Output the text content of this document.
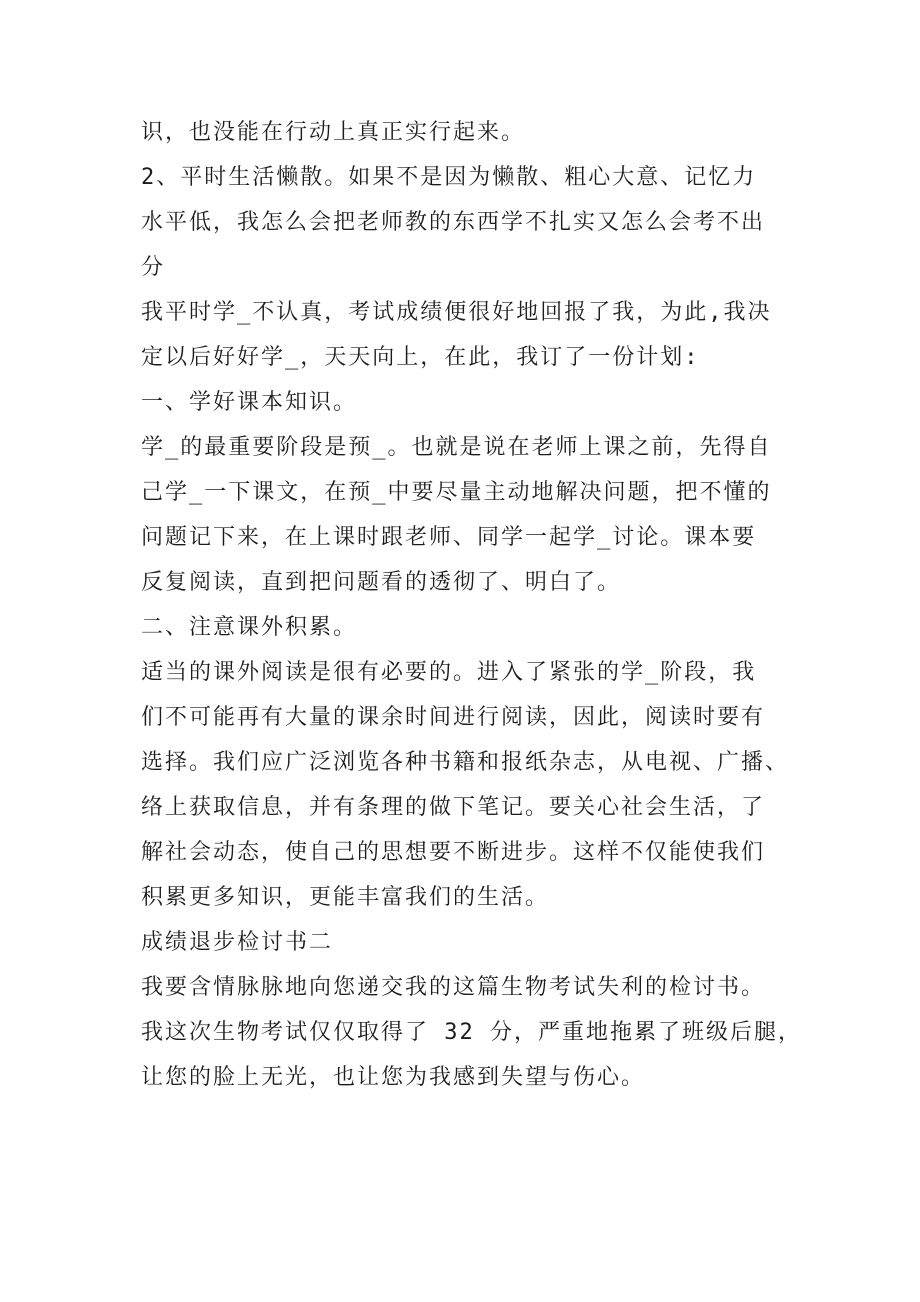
识，也没能在行动上真正实行起来。
2、平时生活懒散。如果不是因为懒散、粗心大意、记忆力
水平低，我怎么会把老师教的东西学不扎实又怎么会考不出
分
我平时学_不认真，考试成绩便很好地回报了我，为此,我决
定以后好好学_，天天向上，在此，我订了一份计划:
一、学好课本知识。
学_的最重要阶段是预_。也就是说在老师上课之前，先得自
己学_一下课文，在预_中要尽量主动地解决问题，把不懂的
问题记下来，在上课时跟老师、同学一起学_讨论。课本要
反复阅读，直到把问题看的透彻了、明白了。
二、注意课外积累。
适当的课外阅读是很有必要的。进入了紧张的学_阶段，我
们不可能再有大量的课余时间进行阅读，因此，阅读时要有
选择。我们应广泛浏览各种书籍和报纸杂志，从电视、广播、
络上获取信息，并有条理的做下笔记。要关心社会生活，了
解社会动态，使自己的思想要不断进步。这样不仅能使我们
积累更多知识，更能丰富我们的生活。
成绩退步检讨书二
我要含情脉脉地向您递交我的这篇生物考试失利的检讨书。
我这次生物考试仅仅取得了 32 分，严重地拖累了班级后腿，
让您的脸上无光，也让您为我感到失望与伤心。
